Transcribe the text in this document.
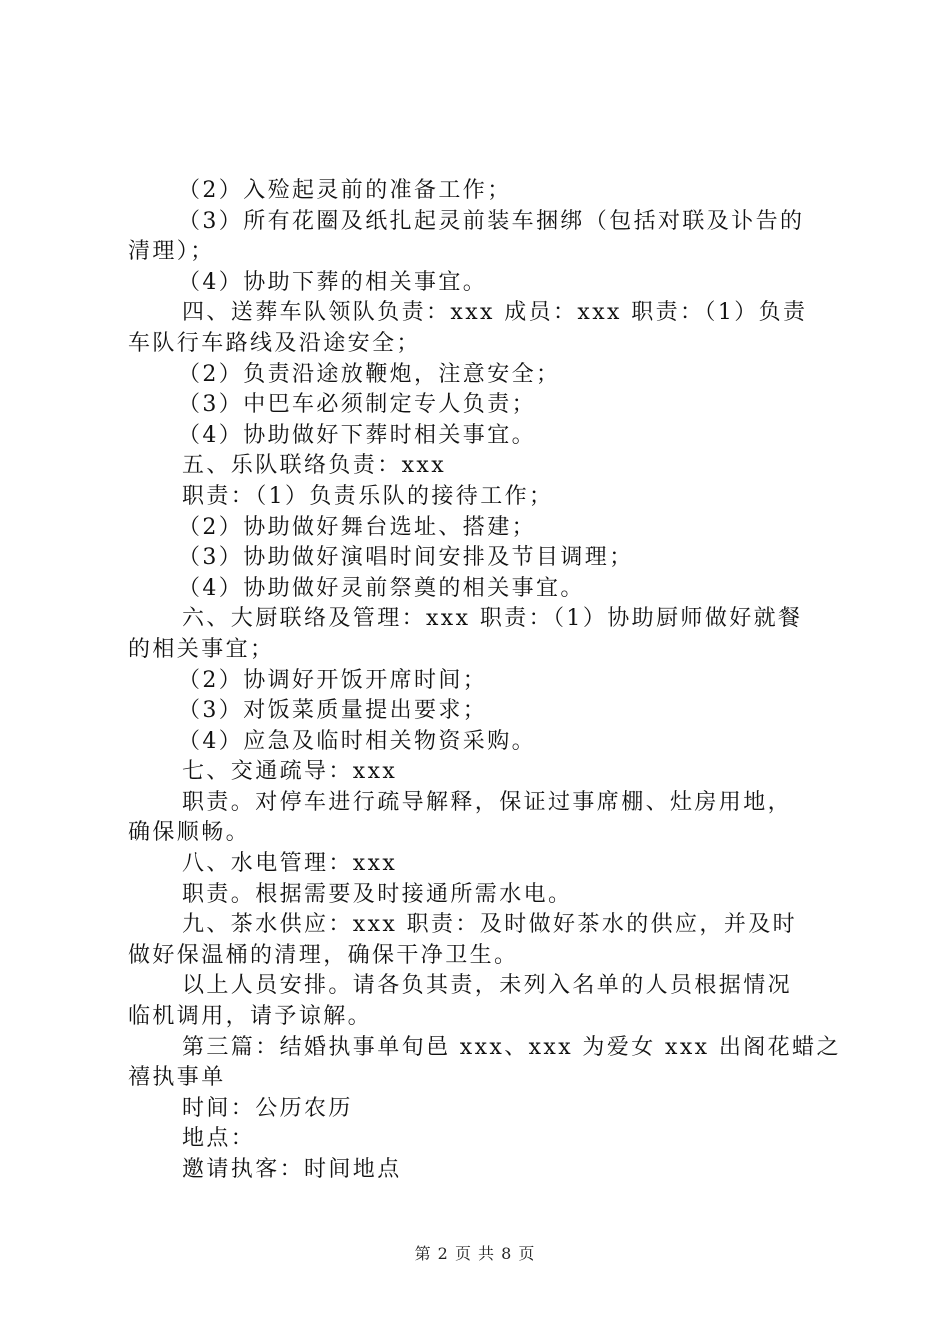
（2）入殓起灵前的准备工作；
（3）所有花圈及纸扎起灵前装车捆绑（包括对联及讣告的
清理）；
（4）协助下葬的相关事宜。
四、送葬车队领队负责：xxx 成员：xxx 职责：（1）负责
车队行车路线及沿途安全；
（2）负责沿途放鞭炮，注意安全；
（3）中巴车必须制定专人负责；
（4）协助做好下葬时相关事宜。
五、乐队联络负责：xxx
职责：（1）负责乐队的接待工作；
（2）协助做好舞台选址、搭建；
（3）协助做好演唱时间安排及节目调理；
（4）协助做好灵前祭奠的相关事宜。
六、大厨联络及管理：xxx 职责：（1）协助厨师做好就餐
的相关事宜；
（2）协调好开饭开席时间；
（3）对饭菜质量提出要求；
（4）应急及临时相关物资采购。
七、交通疏导：xxx
职责。对停车进行疏导解释，保证过事席棚、灶房用地，
确保顺畅。
八、水电管理：xxx
职责。根据需要及时接通所需水电。
九、茶水供应：xxx 职责：及时做好茶水的供应，并及时
做好保温桶的清理，确保干净卫生。
以上人员安排。请各负其责，未列入名单的人员根据情况
临机调用，请予谅解。
第三篇：结婚执事单旬邑 xxx、xxx 为爱女 xxx 出阁花蜡之
禧执事单
时间：公历农历
地点：
邀请执客：时间地点
第 2 页 共 8 页
